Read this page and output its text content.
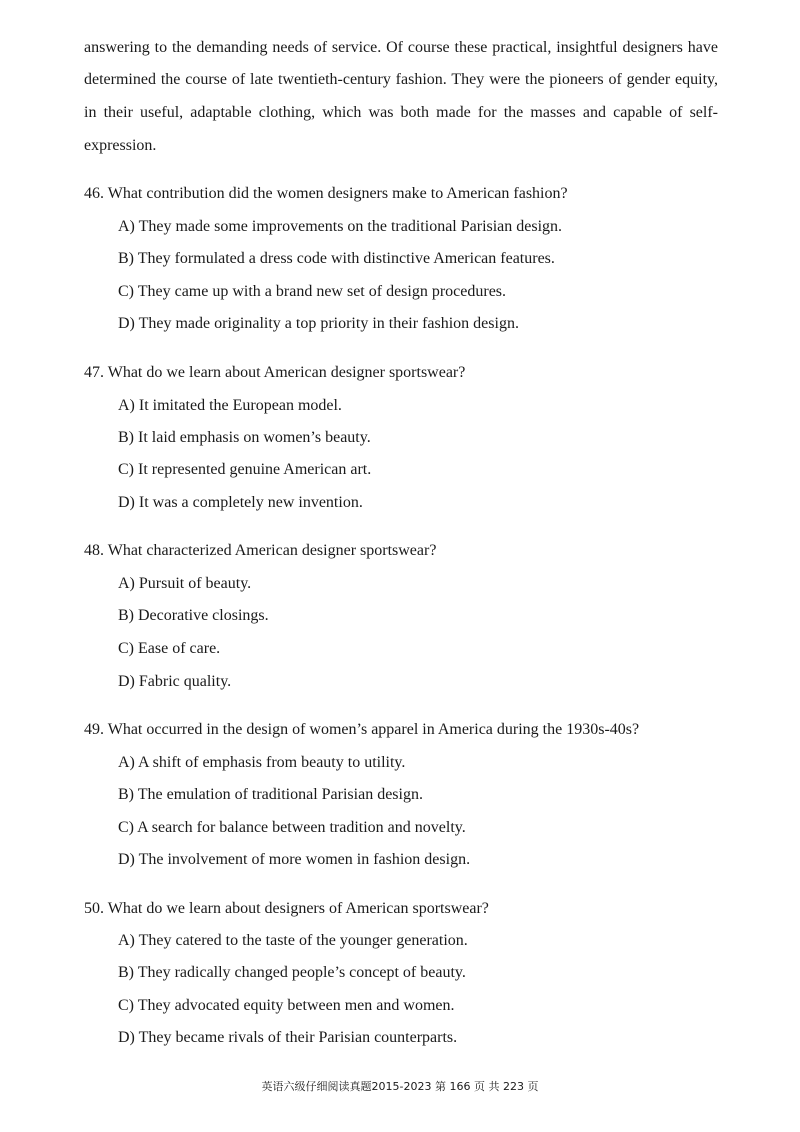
answering to the demanding needs of service. Of course these practical, insightful designers have
determined the course of late twentieth-century fashion. They were the pioneers of gender equity,
in their useful, adaptable clothing, which was both made for the masses and capable of self-
expression.
46. What contribution did the women designers make to American fashion?
A) They made some improvements on the traditional Parisian design.
B) They formulated a dress code with distinctive American features.
C) They came up with a brand new set of design procedures.
D) They made originality a top priority in their fashion design.
47. What do we learn about American designer sportswear?
A) It imitated the European model.
B) It laid emphasis on women’s beauty.
C) It represented genuine American art.
D) It was a completely new invention.
48. What characterized American designer sportswear?
A) Pursuit of beauty.
B) Decorative closings.
C) Ease of care.
D) Fabric quality.
49. What occurred in the design of women’s apparel in America during the 1930s-40s?
A) A shift of emphasis from beauty to utility.
B) The emulation of traditional Parisian design.
C) A search for balance between tradition and novelty.
D) The involvement of more women in fashion design.
50. What do we learn about designers of American sportswear?
A) They catered to the taste of the younger generation.
B) They radically changed people’s concept of beauty.
C) They advocated equity between men and women.
D) They became rivals of their Parisian counterparts.
英语六级仔细阅读真题2015-2023 第 166 页 共 223 页
